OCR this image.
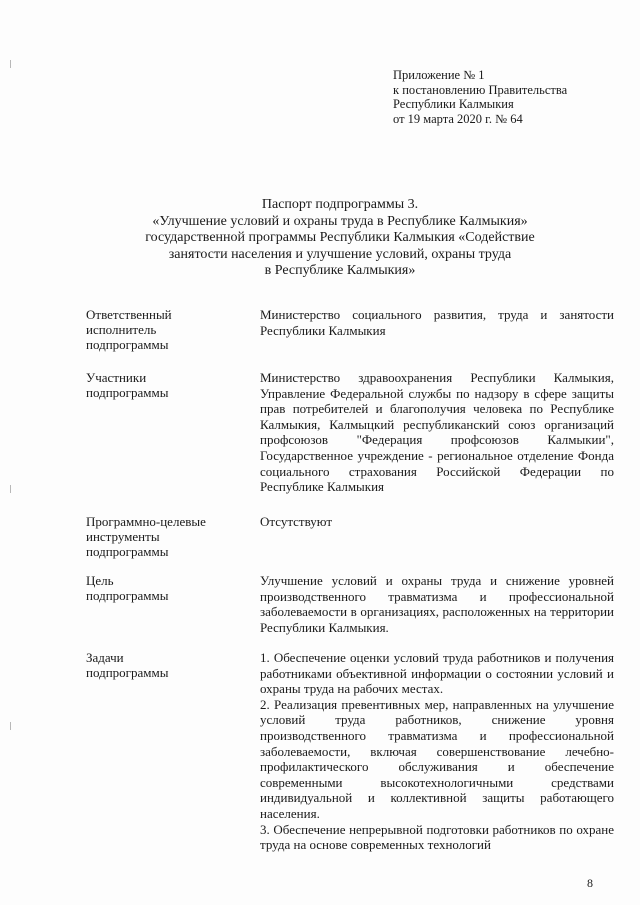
Приложение № 1
к постановлению Правительства
Республики Калмыкия
от 19 марта 2020 г. № 64
Паспорт подпрограммы 3.
«Улучшение условий и охраны труда в Республике Калмыкия»
государственной программы Республики Калмыкия «Содействие
занятости населения и улучшение условий, охраны труда
в Республике Калмыкия»
Ответственный
исполнитель
подпрограммы

Министерство социального развития, труда и занятости Республики Калмыкия

Участники
подпрограммы

Министерство здравоохранения Республики Калмыкия, Управление Федеральной службы по надзору в сфере защиты прав потребителей и благополучия человека по Республике Калмыкия, Калмыцкий республиканский союз организаций профсоюзов "Федерация профсоюзов Калмыкии", Государственное учреждение - региональное отделение Фонда социального страхования Российской Федерации по Республике Калмыкия

Программно-целевые
инструменты
подпрограммы

Отсутствуют

Цель
подпрограммы

Улучшение условий и охраны труда и снижение уровней производственного травматизма и профессиональной заболеваемости в организациях, расположенных на территории Республики Калмыкия.

Задачи
подпрограммы

1. Обеспечение оценки условий труда работников и получения работниками объективной информации о состоянии условий и охраны труда на рабочих местах.

2. Реализация превентивных мер, направленных на улучшение условий труда работников, снижение уровня производственного травматизма и профессиональной заболеваемости, включая совершенствование лечебно-профилактического обслуживания и обеспечение современными высокотехнологичными средствами индивидуальной и коллективной защиты работающего населения.

3. Обеспечение непрерывной подготовки работников по охране труда на основе современных технологий

8
